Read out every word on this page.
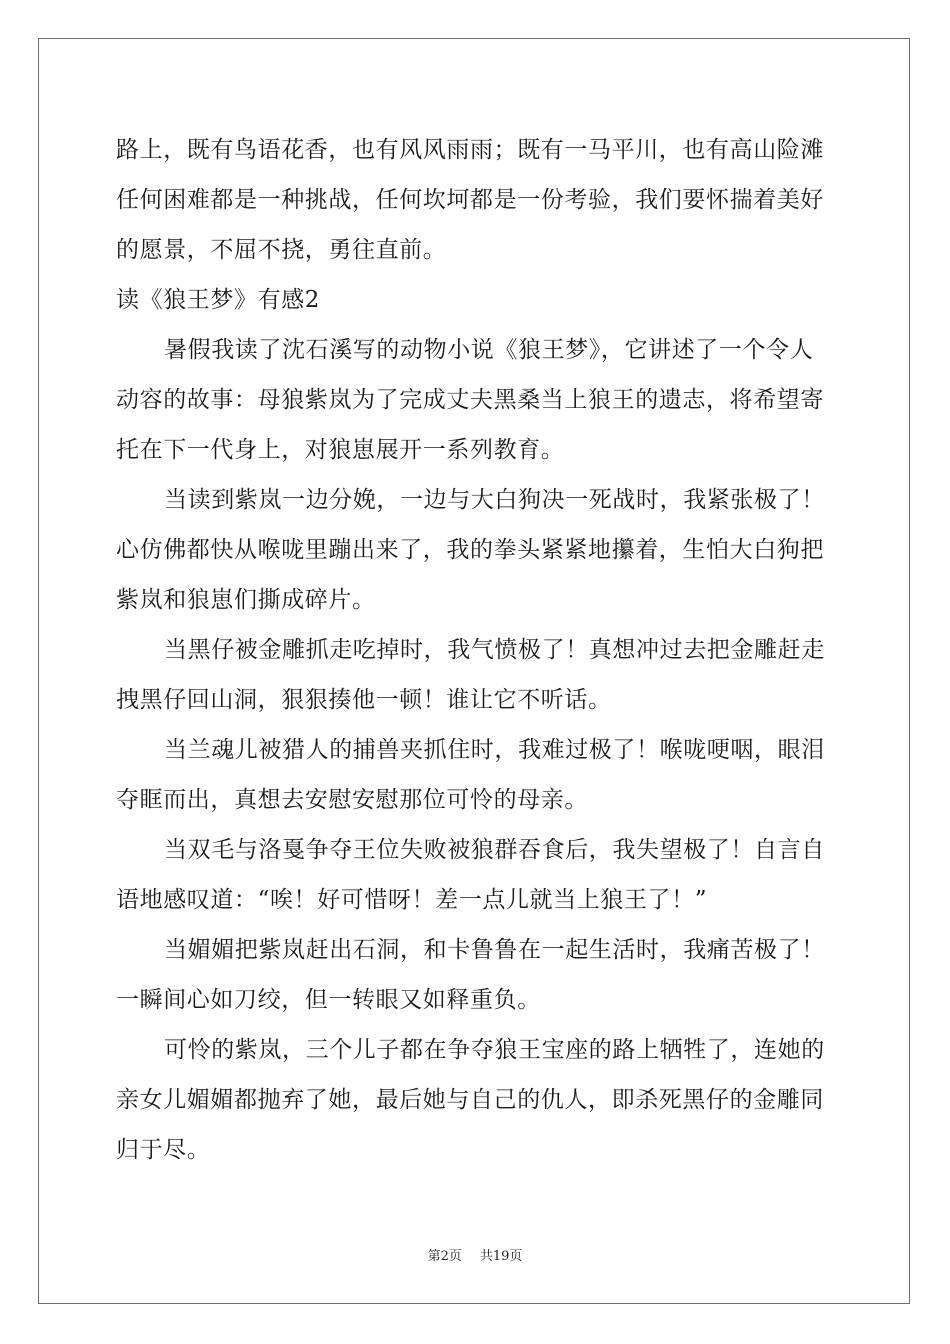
路上，既有鸟语花香，也有风风雨雨；既有一马平川，也有高山险滩
任何困难都是一种挑战，任何坎坷都是一份考验，我们要怀揣着美好
的愿景，不屈不挠，勇往直前。
读《狼王梦》有感2
暑假我读了沈石溪写的动物小说《狼王梦》，它讲述了一个令人
动容的故事：母狼紫岚为了完成丈夫黑桑当上狼王的遗志，将希望寄
托在下一代身上，对狼崽展开一系列教育。
当读到紫岚一边分娩，一边与大白狗决一死战时，我紧张极了！
心仿佛都快从喉咙里蹦出来了，我的拳头紧紧地攥着，生怕大白狗把
紫岚和狼崽们撕成碎片。
当黑仔被金雕抓走吃掉时，我气愤极了！真想冲过去把金雕赶走
拽黑仔回山洞，狠狠揍他一顿！谁让它不听话。
当兰魂儿被猎人的捕兽夹抓住时，我难过极了！喉咙哽咽，眼泪
夺眶而出，真想去安慰安慰那位可怜的母亲。
当双毛与洛戛争夺王位失败被狼群吞食后，我失望极了！自言自
语地感叹道：“唉！好可惜呀！差一点儿就当上狼王了！”
当媚媚把紫岚赶出石洞，和卡鲁鲁在一起生活时，我痛苦极了！
一瞬间心如刀绞，但一转眼又如释重负。
可怜的紫岚，三个儿子都在争夺狼王宝座的路上牺牲了，连她的
亲女儿媚媚都抛弃了她，最后她与自己的仇人，即杀死黑仔的金雕同
归于尽。
第2页 共19页
